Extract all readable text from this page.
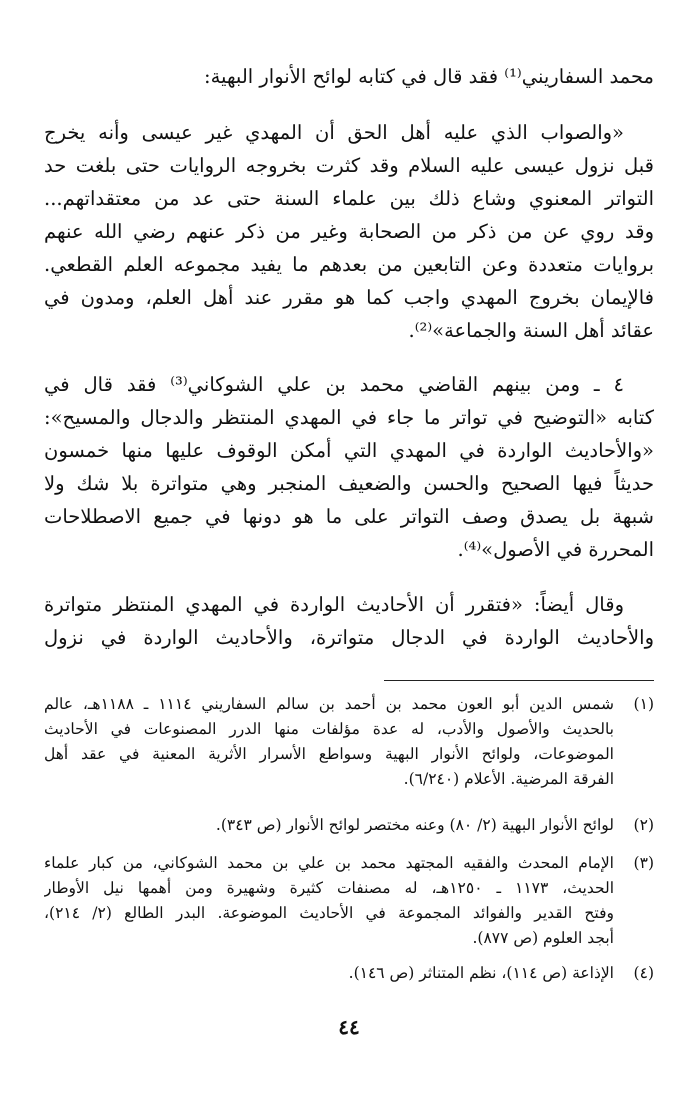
محمد السفاريني⁽¹⁾ فقد قال في كتابه لوائح الأنوار البهية:
«والصواب الذي عليه أهل الحق أن المهدي غير عيسى وأنه يخرج
قبل نزول عيسى عليه السلام وقد كثرت بخروجه الروايات حتى بلغت حد
التواتر المعنوي وشاع ذلك بين علماء السنة حتى عد من معتقداتهم...
وقد روي عن من ذكر من الصحابة وغير من ذكر عنهم رضي الله عنهم
بروايات متعددة وعن التابعين من بعدهم ما يفيد مجموعه العلم القطعي.
فالإيمان بخروج المهدي واجب كما هو مقرر عند أهل العلم، ومدون في
عقائد أهل السنة والجماعة»⁽²⁾.
٤ ـ ومن بينهم القاضي محمد بن علي الشوكاني⁽³⁾ فقد قال في
كتابه «التوضيح في تواتر ما جاء في المهدي المنتظر والدجال والمسيح»:
«والأحاديث الواردة في المهدي التي أمكن الوقوف عليها منها خمسون
حديثاً فيها الصحيح والحسن والضعيف المنجبر وهي متواترة بلا شك ولا
شبهة بل يصدق وصف التواتر على ما هو دونها في جميع الاصطلاحات
المحررة في الأصول»⁽⁴⁾.
وقال أيضاً: «فتقرر أن الأحاديث الواردة في المهدي المنتظر متواترة
والأحاديث الواردة في الدجال متواترة، والأحاديث الواردة في نزول
(١)
شمس الدين أبو العون محمد بن أحمد بن سالم السفاريني ١١١٤ ـ ١١٨٨هـ، عالم
بالحديث والأصول والأدب، له عدة مؤلفات منها الدرر المصنوعات في الأحاديث
الموضوعات، ولوائح الأنوار البهية وسواطع الأسرار الأثرية المعنية في عقد أهل
الفرقة المرضية. الأعلام (٦/٢٤٠).
(٢)
لوائح الأنوار البهية (٢/ ٨٠) وعنه مختصر لوائح الأنوار (ص ٣٤٣).
(٣)
الإمام المحدث والفقيه المجتهد محمد بن علي بن محمد الشوكاني، من كبار علماء
الحديث، ١١٧٣ ـ ١٢٥٠هـ، له مصنفات كثيرة وشهيرة ومن أهمها نيل الأوطار
وفتح القدير والفوائد المجموعة في الأحاديث الموضوعة. البدر الطالع (٢/ ٢١٤)،
أبجد العلوم (ص ٨٧٧).
(٤)
الإذاعة (ص ١١٤)، نظم المتناثر (ص ١٤٦).
٤٤
